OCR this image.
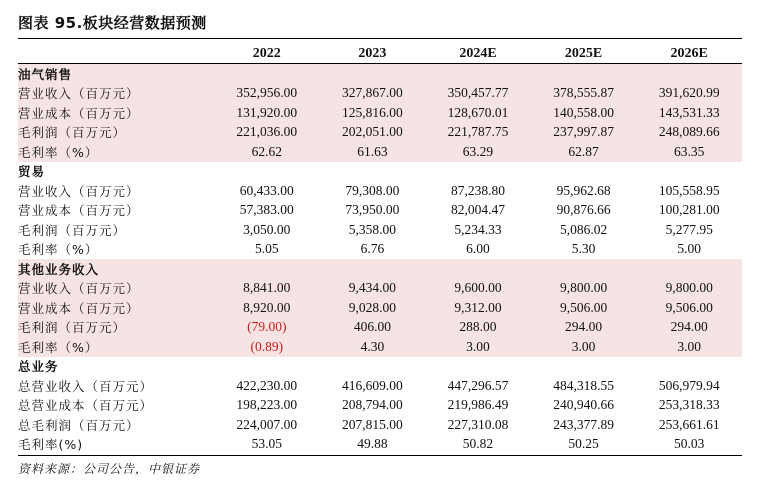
图表 95.板块经营数据预测
	2022	2023	2024E	2025E	2026E
油气销售					
营业收入（百万元）	352,956.00	327,867.00	350,457.77	378,555.87	391,620.99
营业成本（百万元）	131,920.00	125,816.00	128,670.01	140,558.00	143,531.33
毛利润（百万元）	221,036.00	202,051.00	221,787.75	237,997.87	248,089.66
毛利率（%）	62.62	61.63	63.29	62.87	63.35
贸易					
营业收入（百万元）	60,433.00	79,308.00	87,238.80	95,962.68	105,558.95
营业成本（百万元）	57,383.00	73,950.00	82,004.47	90,876.66	100,281.00
毛利润（百万元）	3,050.00	5,358.00	5,234.33	5,086.02	5,277.95
毛利率（%）	5.05	6.76	6.00	5.30	5.00
其他业务收入					
营业收入（百万元）	8,841.00	9,434.00	9,600.00	9,800.00	9,800.00
营业成本（百万元）	8,920.00	9,028.00	9,312.00	9,506.00	9,506.00
毛利润（百万元）	(79.00)	406.00	288.00	294.00	294.00
毛利率（%）	(0.89)	4.30	3.00	3.00	3.00
总业务					
总营业收入（百万元）	422,230.00	416,609.00	447,296.57	484,318.55	506,979.94
总营业成本（百万元）	198,223.00	208,794.00	219,986.49	240,940.66	253,318.33
总毛利润（百万元）	224,007.00	207,815.00	227,310.08	243,377.89	253,661.61
毛利率(%)	53.05	49.88	50.82	50.25	50.03
资料来源：公司公告，中银证券
